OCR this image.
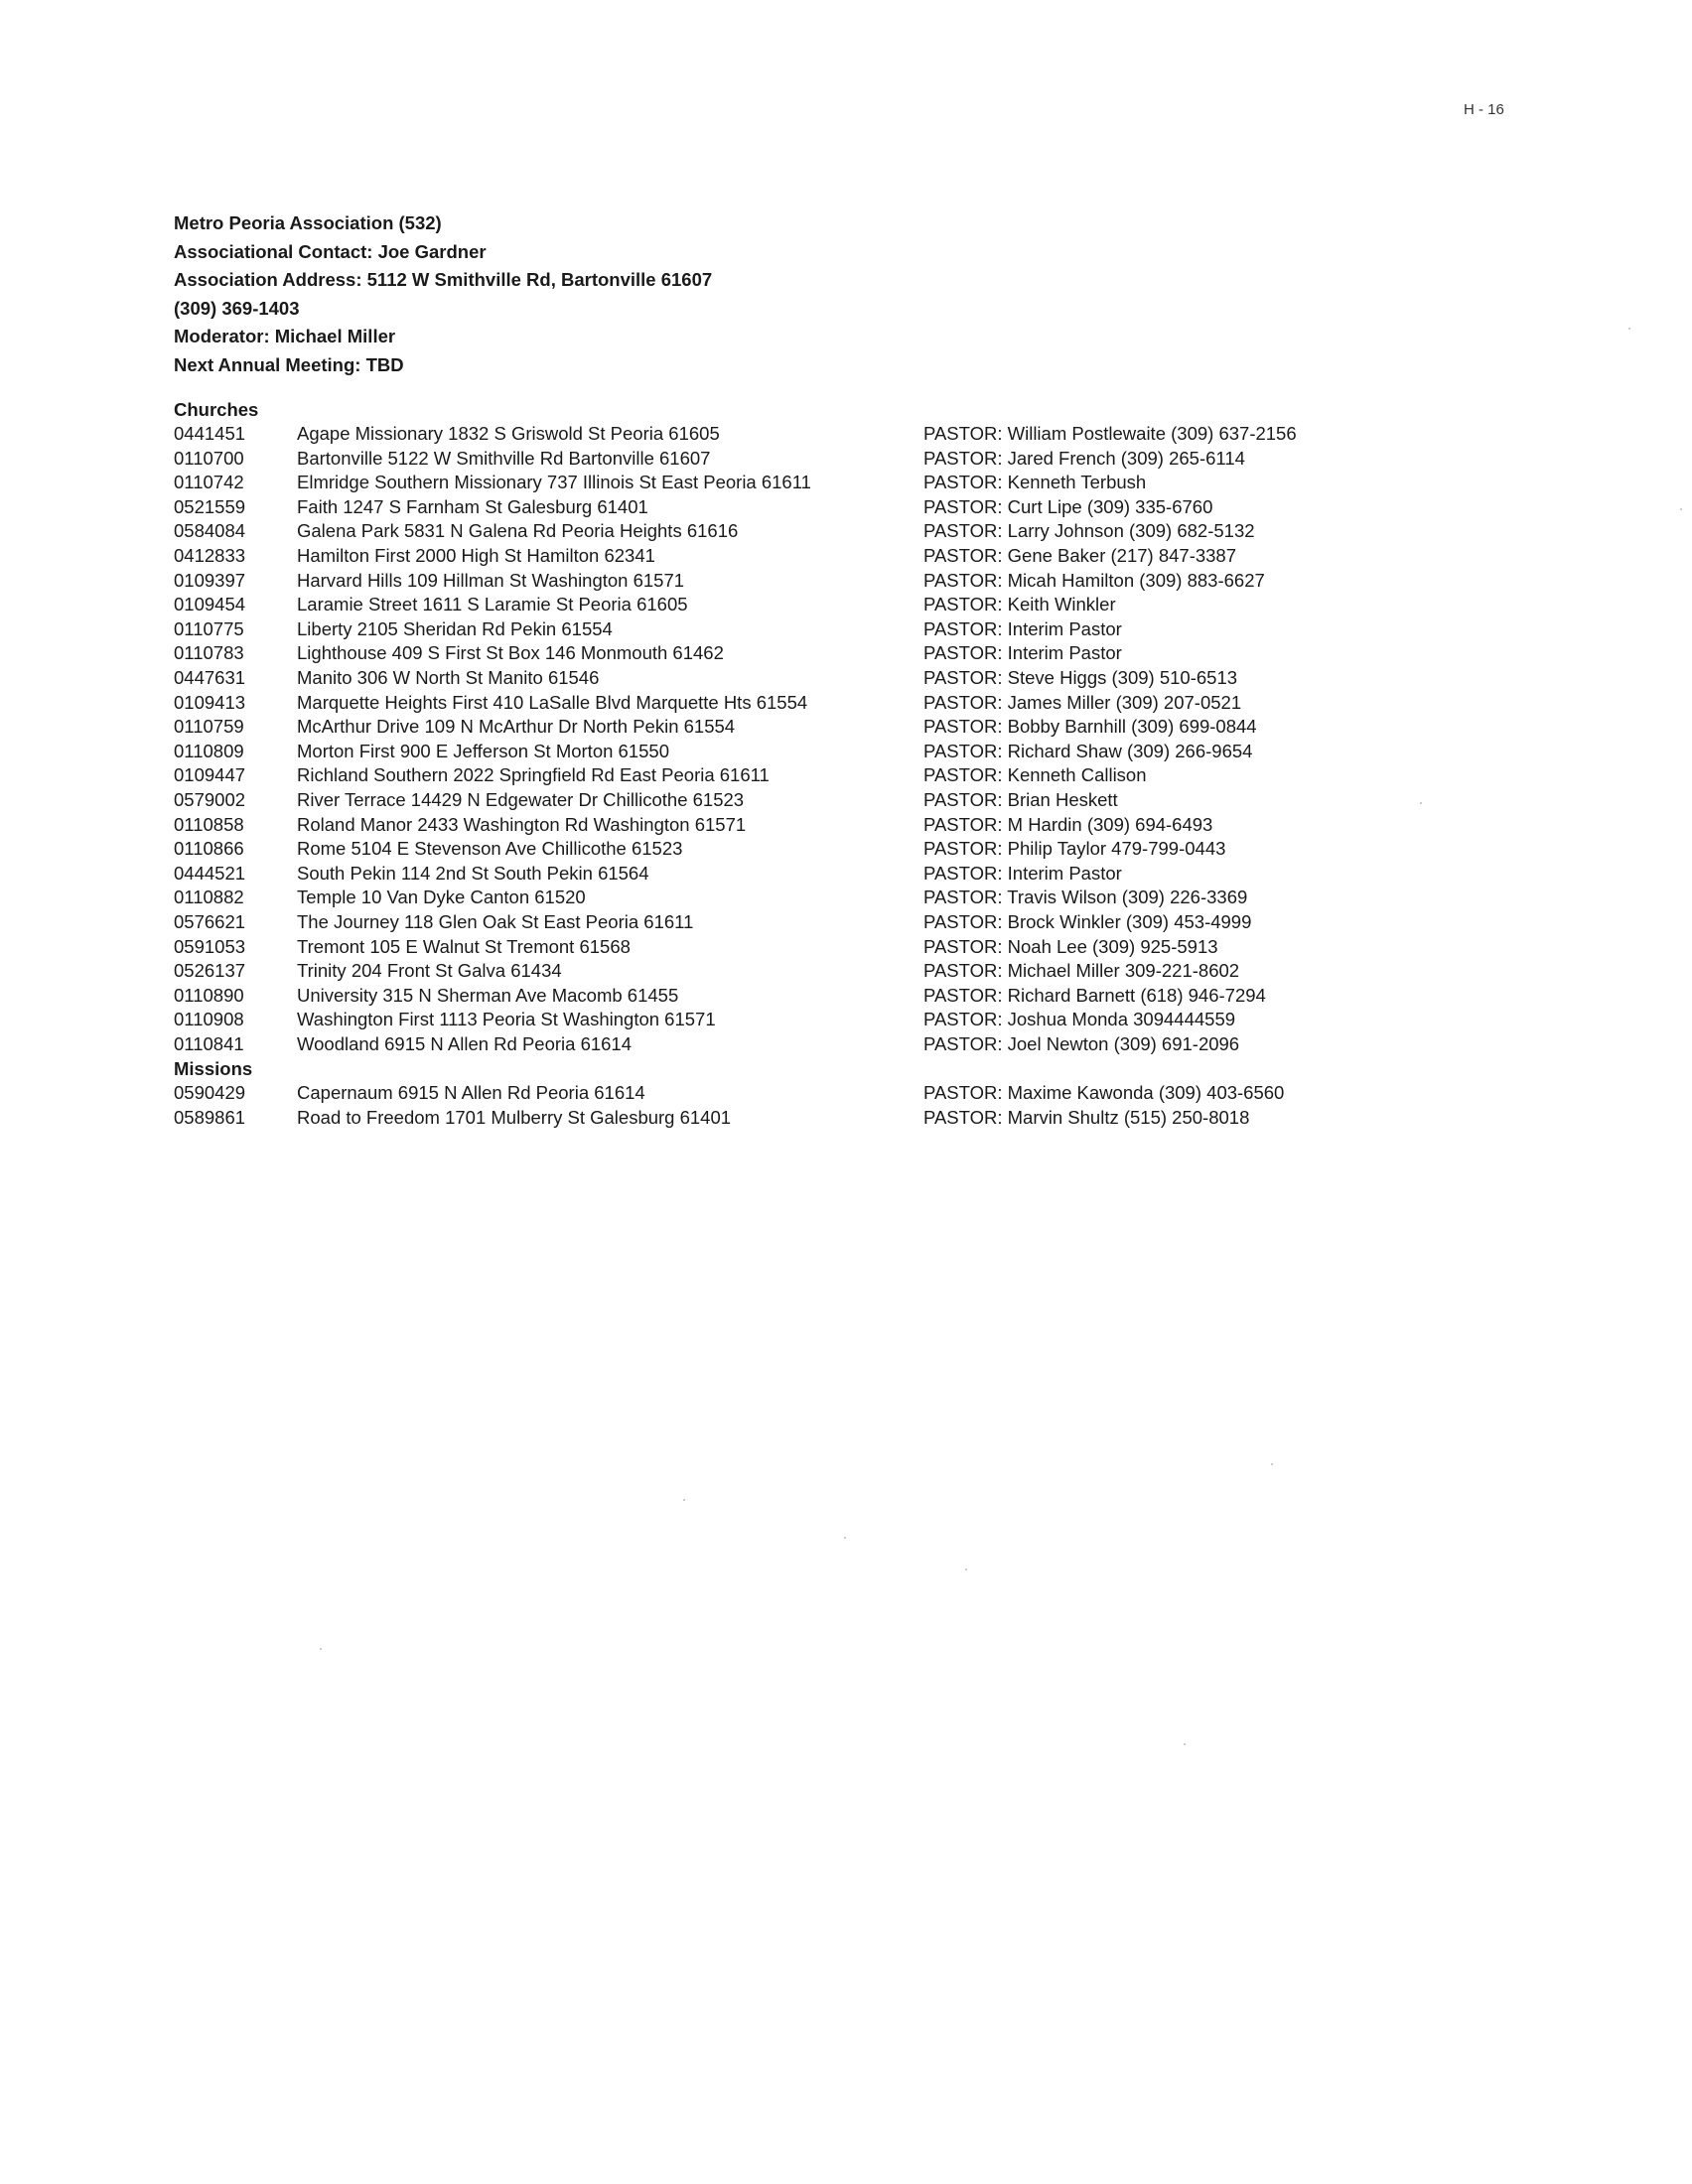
H - 16
Metro Peoria Association (532)
Associational Contact: Joe Gardner
Association Address: 5112 W Smithville Rd, Bartonville 61607
(309) 369-1403
Moderator: Michael Miller
Next Annual Meeting: TBD
Churches
0441451	Agape Missionary 1832 S Griswold St Peoria 61605	PASTOR: William Postlewaite (309) 637-2156
0110700	Bartonville 5122 W Smithville Rd Bartonville 61607	PASTOR: Jared French (309) 265-6114
0110742	Elmridge Southern Missionary 737 Illinois St East Peoria 61611	PASTOR: Kenneth Terbush
0521559	Faith 1247 S Farnham St Galesburg 61401	PASTOR: Curt Lipe (309) 335-6760
0584084	Galena Park 5831 N Galena Rd Peoria Heights 61616	PASTOR: Larry Johnson (309) 682-5132
0412833	Hamilton First 2000 High St Hamilton 62341	PASTOR: Gene Baker (217) 847-3387
0109397	Harvard Hills 109 Hillman St Washington 61571	PASTOR: Micah Hamilton (309) 883-6627
0109454	Laramie Street 1611 S Laramie St Peoria 61605	PASTOR: Keith Winkler
0110775	Liberty 2105 Sheridan Rd Pekin 61554	PASTOR: Interim Pastor
0110783	Lighthouse 409 S First St Box 146 Monmouth 61462	PASTOR: Interim Pastor
0447631	Manito 306 W North St Manito 61546	PASTOR: Steve Higgs (309) 510-6513
0109413	Marquette Heights First 410 LaSalle Blvd Marquette Hts 61554	PASTOR: James Miller (309) 207-0521
0110759	McArthur Drive 109 N McArthur Dr North Pekin 61554	PASTOR: Bobby Barnhill (309) 699-0844
0110809	Morton First 900 E Jefferson St Morton 61550	PASTOR: Richard Shaw (309) 266-9654
0109447	Richland Southern 2022 Springfield Rd East Peoria 61611	PASTOR: Kenneth Callison
0579002	River Terrace 14429 N Edgewater Dr Chillicothe 61523	PASTOR: Brian Heskett
0110858	Roland Manor 2433 Washington Rd Washington 61571	PASTOR: M Hardin (309) 694-6493
0110866	Rome 5104 E Stevenson Ave Chillicothe 61523	PASTOR: Philip Taylor 479-799-0443
0444521	South Pekin 114 2nd St South Pekin 61564	PASTOR: Interim Pastor
0110882	Temple 10 Van Dyke Canton 61520	PASTOR: Travis Wilson (309) 226-3369
0576621	The Journey 118 Glen Oak St East Peoria 61611	PASTOR: Brock Winkler (309) 453-4999
0591053	Tremont 105 E Walnut St Tremont 61568	PASTOR: Noah Lee (309) 925-5913
0526137	Trinity 204 Front St Galva 61434	PASTOR: Michael Miller 309-221-8602
0110890	University 315 N Sherman Ave Macomb 61455	PASTOR: Richard Barnett (618) 946-7294
0110908	Washington First 1113 Peoria St Washington 61571	PASTOR: Joshua Monda 3094444559
0110841	Woodland 6915 N Allen Rd Peoria 61614	PASTOR: Joel Newton (309) 691-2096
Missions
0590429	Capernaum 6915 N Allen Rd Peoria 61614	PASTOR: Maxime Kawonda (309) 403-6560
0589861	Road to Freedom 1701 Mulberry St Galesburg 61401	PASTOR: Marvin Shultz (515) 250-8018
